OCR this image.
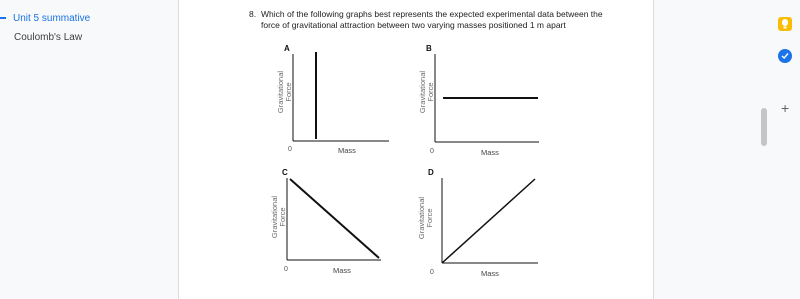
Unit 5 summative
Coulomb's Law
8. Which of the following graphs best represents the expected experimental data between the force of gravitational attraction between two varying masses positioned 1 m apart
A
Gravitational Force
0	Mass
B
Gravitational Force
0	Mass
C
Gravitational Force
0	Mass
D
Gravitational Force
0	Mass
+
